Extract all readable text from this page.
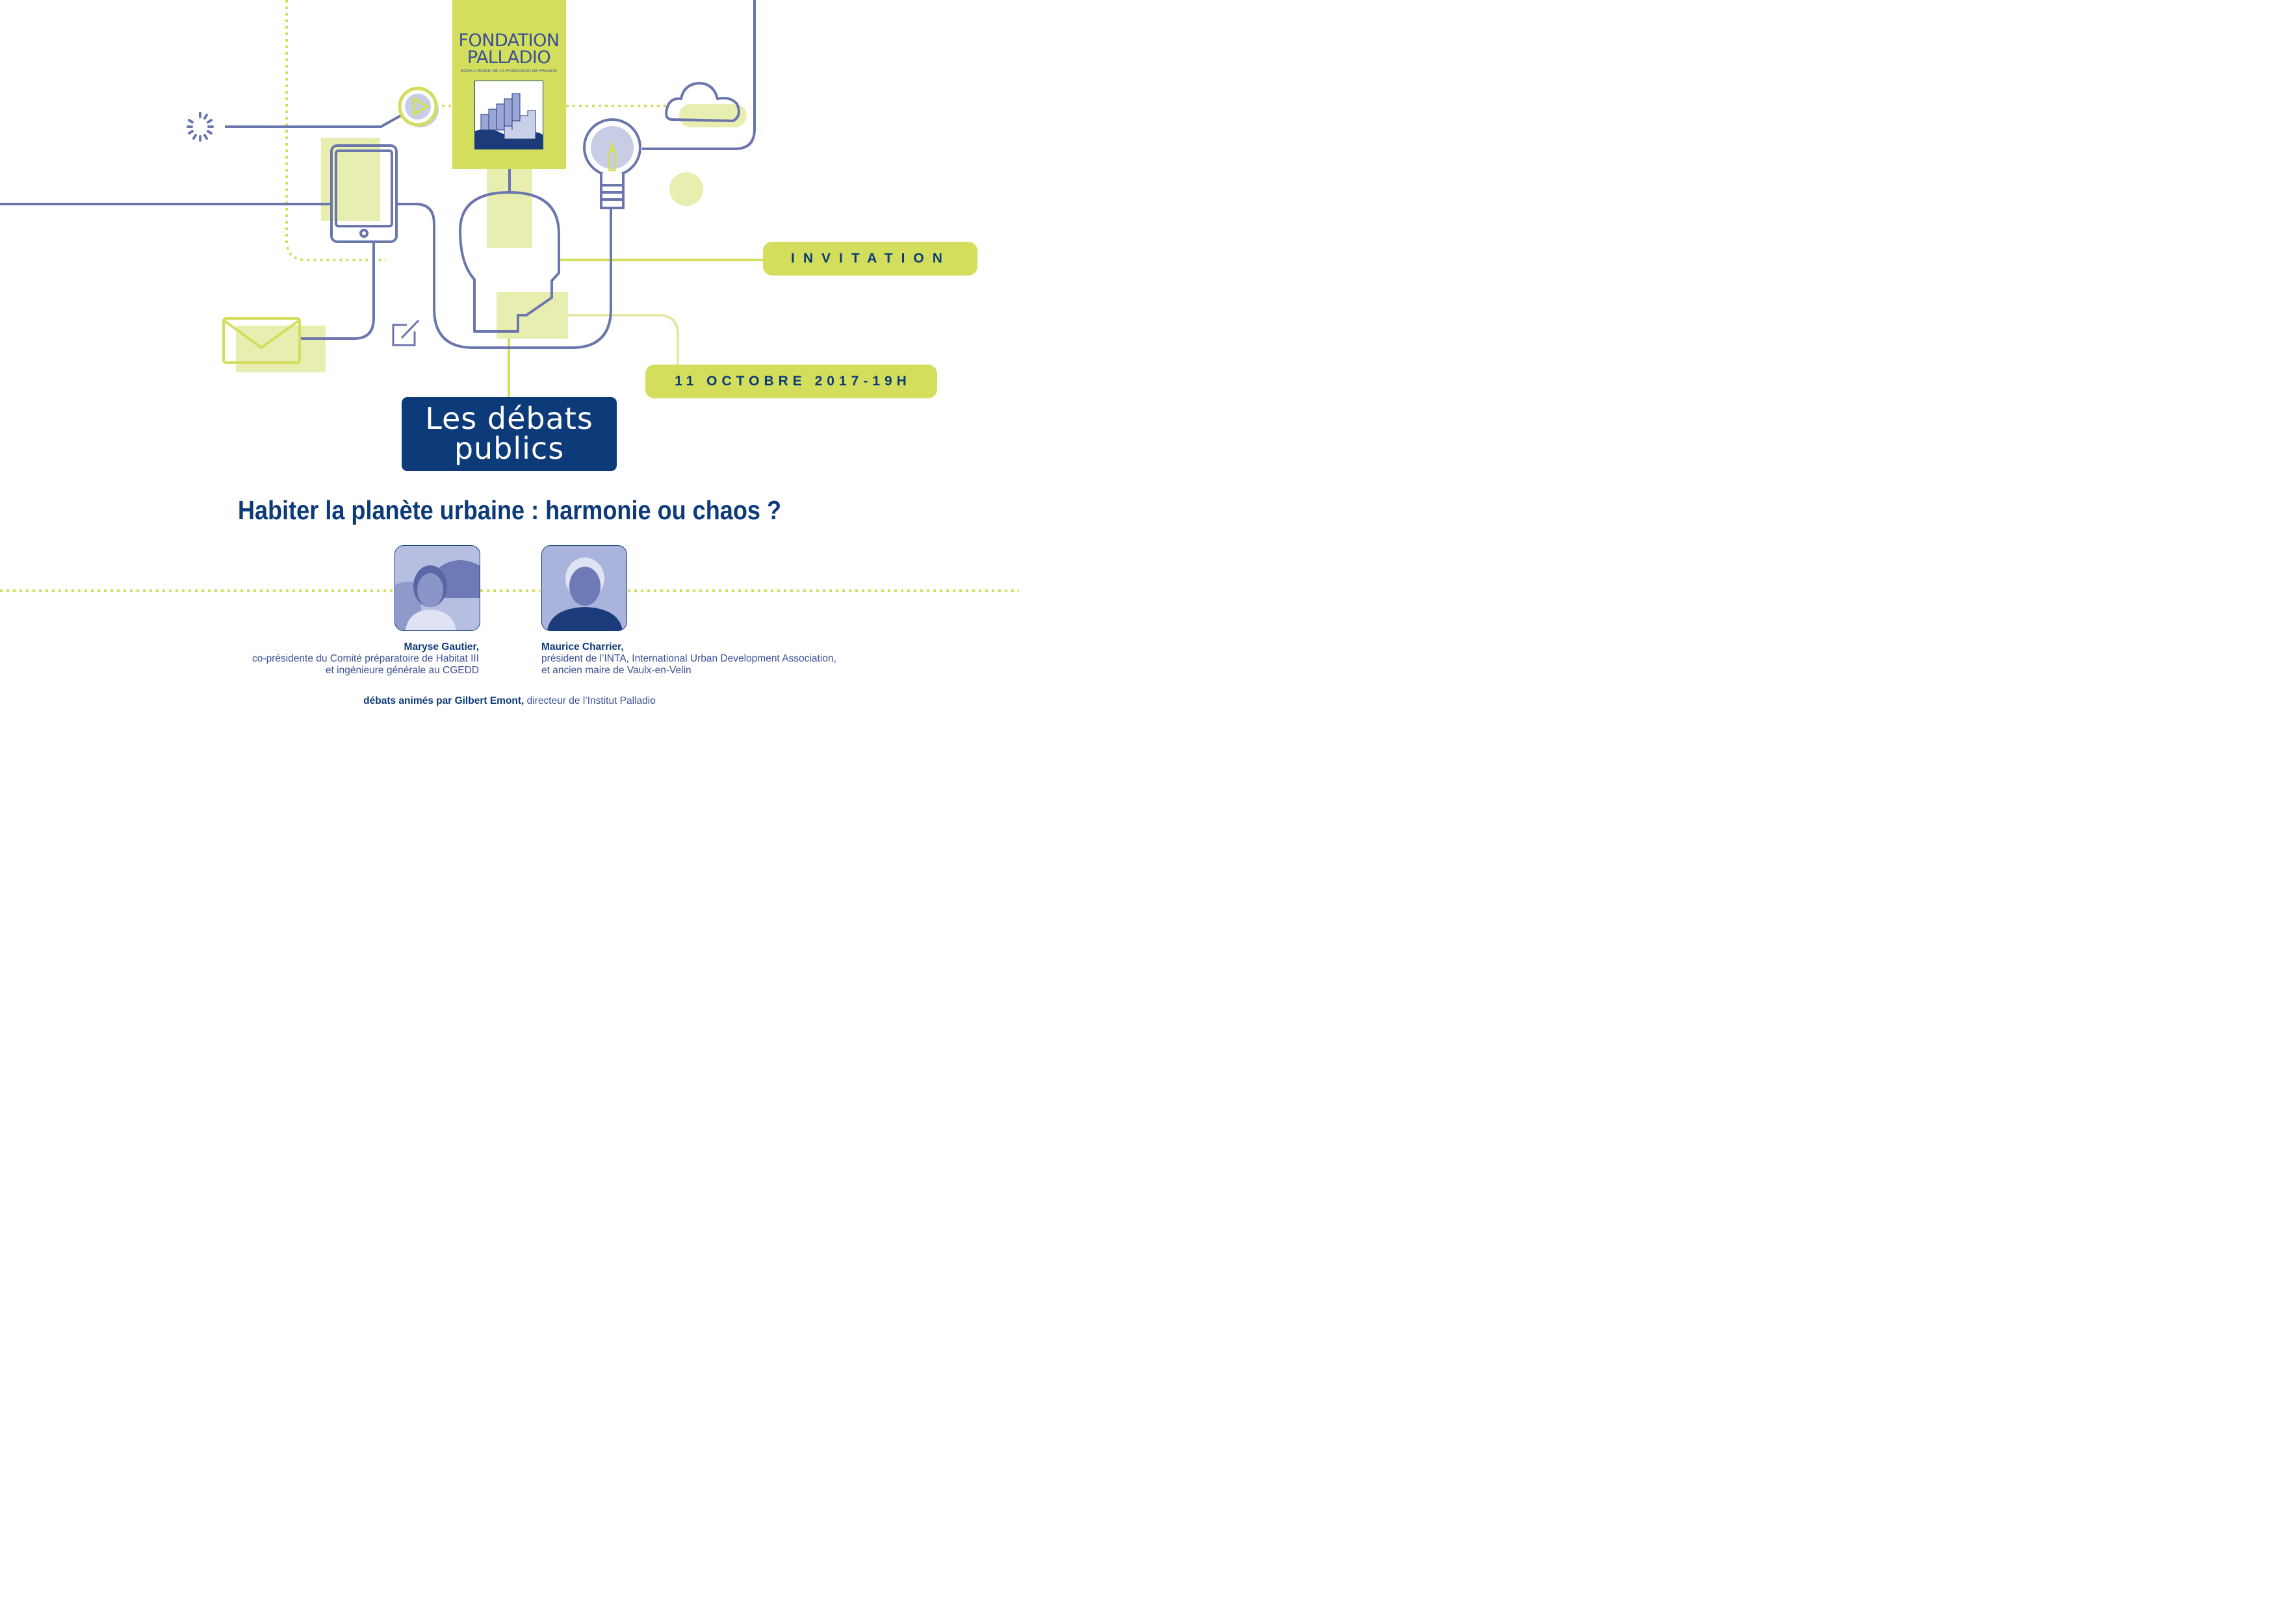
FONDATION
PALLADIO
SOUS L'EGIDE DE LA FONDATION DE FRANCE
INVITATION
11 OCTOBRE 2017-19H
Les débats
publics
Habiter la planète urbaine : harmonie ou chaos ?
Maryse Gautier,
co-présidente du Comité préparatoire de Habitat III
et ingénieure générale au CGEDD
Maurice Charrier,
président de l’INTA, International Urban Development Association,
et ancien maire de Vaulx-en-Velin
débats animés par Gilbert Emont, directeur de l’Institut Palladio
